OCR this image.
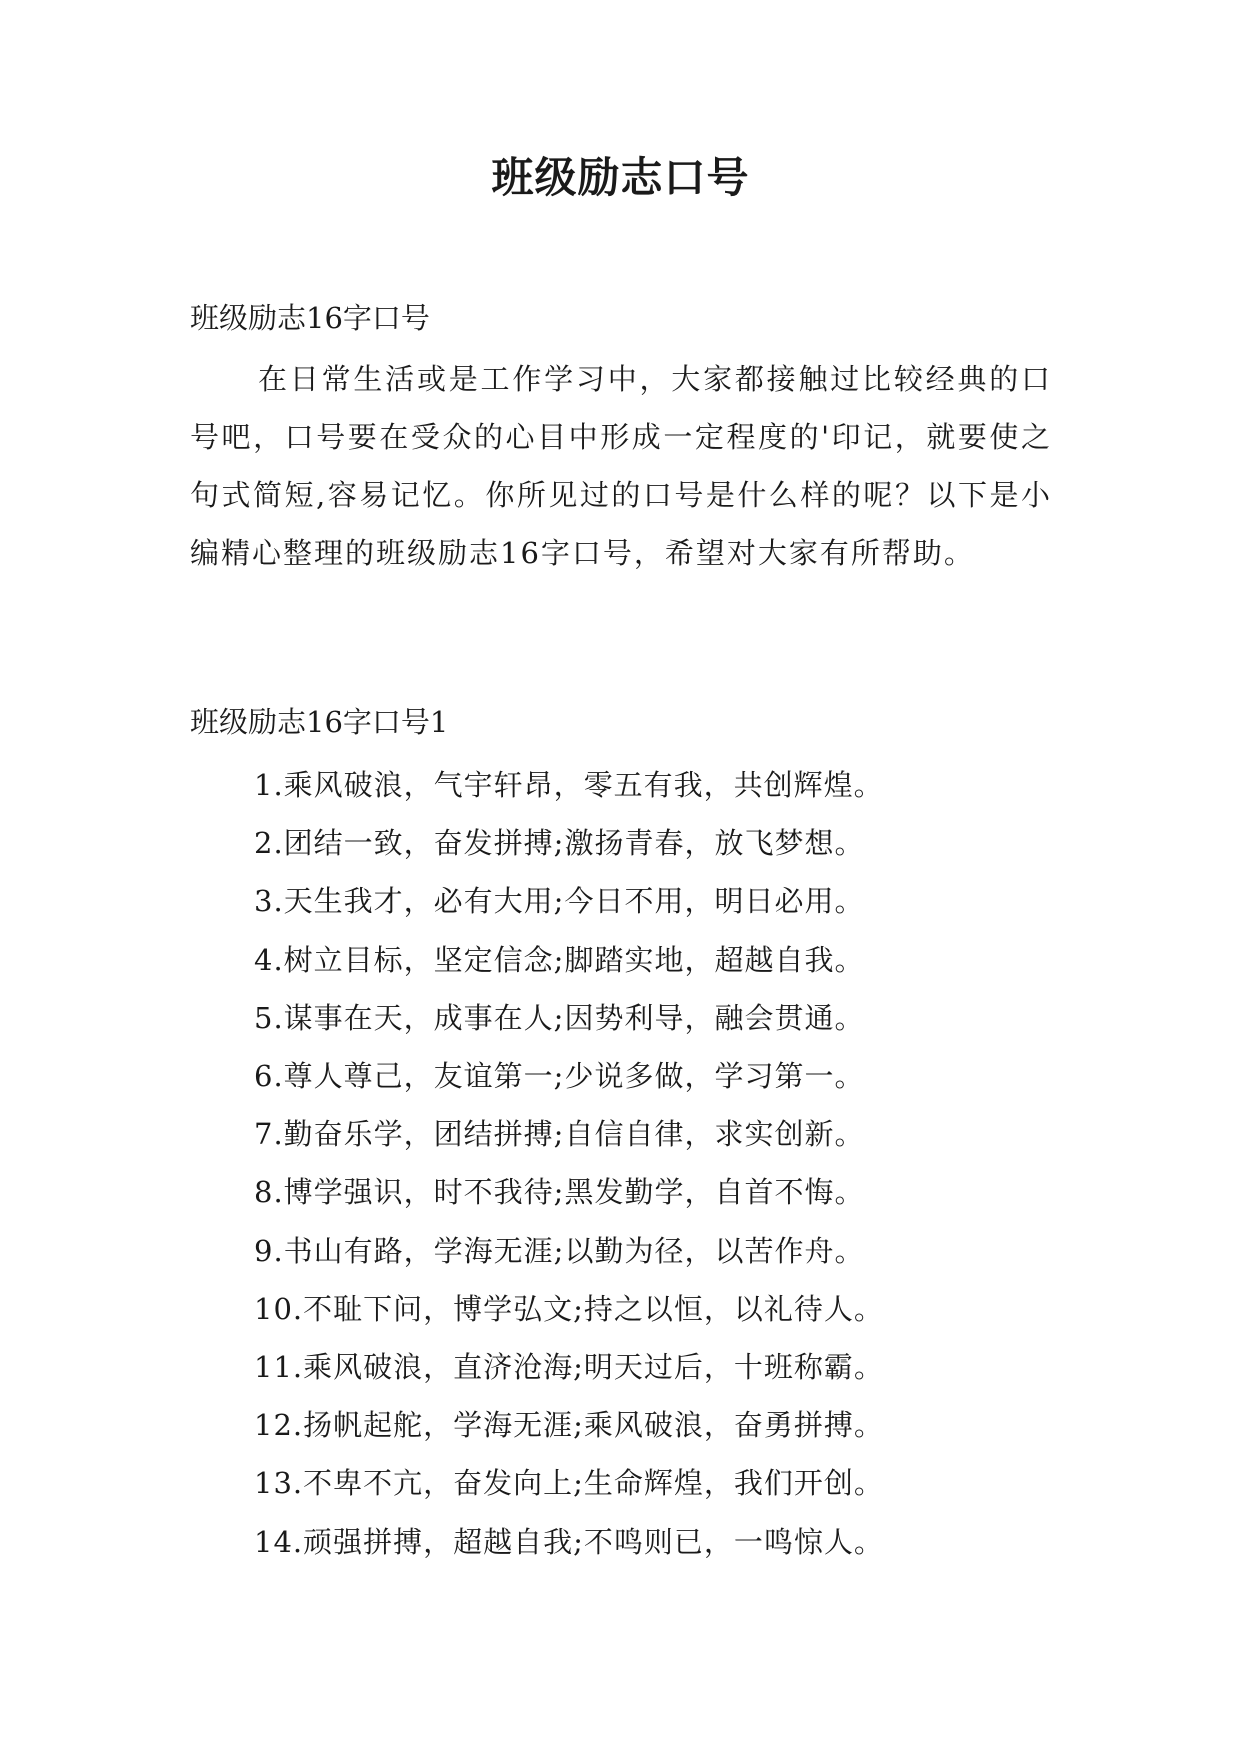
班级励志口号

班级励志16字口号

在日常生活或是工作学习中，大家都接触过比较经典的口号吧，口号要在受众的心目中形成一定程度的'印记，就要使之句式简短,容易记忆。你所见过的口号是什么样的呢？以下是小编精心整理的班级励志16字口号，希望对大家有所帮助。

班级励志16字口号1

1.乘风破浪，气宇轩昂，零五有我，共创辉煌。
2.团结一致，奋发拼搏;激扬青春，放飞梦想。
3.天生我才，必有大用;今日不用，明日必用。
4.树立目标，坚定信念;脚踏实地，超越自我。
5.谋事在天，成事在人;因势利导，融会贯通。
6.尊人尊己，友谊第一;少说多做，学习第一。
7.勤奋乐学，团结拼搏;自信自律，求实创新。
8.博学强识，时不我待;黑发勤学，自首不悔。
9.书山有路，学海无涯;以勤为径，以苦作舟。
10.不耻下问，博学弘文;持之以恒，以礼待人。
11.乘风破浪，直济沧海;明天过后，十班称霸。
12.扬帆起舵，学海无涯;乘风破浪，奋勇拼搏。
13.不卑不亢，奋发向上;生命辉煌，我们开创。
14.顽强拼搏，超越自我;不鸣则已，一鸣惊人。
